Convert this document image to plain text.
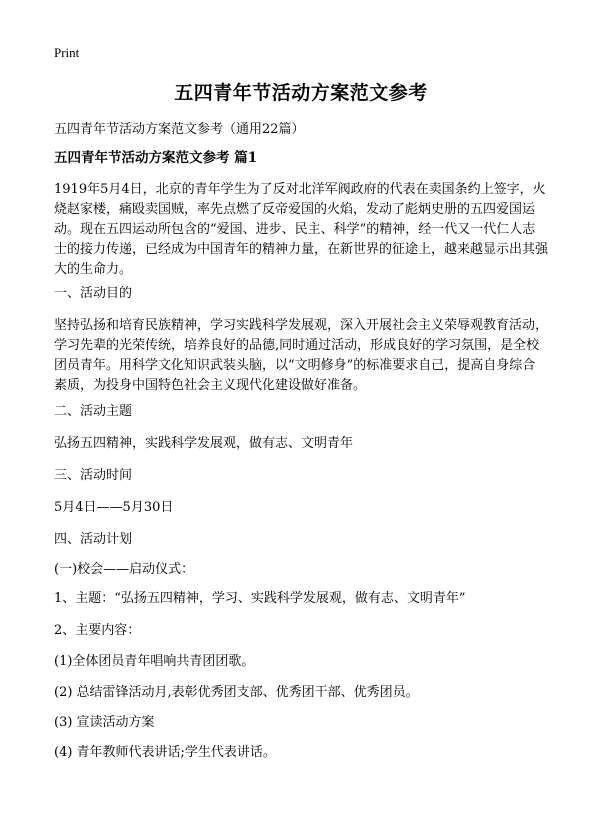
Print
五四青年节活动方案范文参考
五四青年节活动方案范文参考（通用22篇）
五四青年节活动方案范文参考 篇1
1919年5月4日，北京的青年学生为了反对北洋军阀政府的代表在卖国条约上签字，火烧赵家楼，痛殴卖国贼，率先点燃了反帝爱国的火焰，发动了彪炳史册的五四爱国运动。现在五四运动所包含的“爱国、进步、民主、科学”的精神，经一代又一代仁人志士的接力传递，已经成为中国青年的精神力量，在新世界的征途上，越来越显示出其强大的生命力。
一、活动目的
坚持弘扬和培育民族精神，学习实践科学发展观，深入开展社会主义荣辱观教育活动，学习先辈的光荣传统，培养良好的品德,同时通过活动，形成良好的学习氛围，是全校团员青年。用科学文化知识武装头脑，以“文明修身”的标准要求自己，提高自身综合素质，为投身中国特色社会主义现代化建设做好准备。
二、活动主题
弘扬五四精神，实践科学发展观，做有志、文明青年
三、活动时间
5月4日——5月30日
四、活动计划
(一)校会——启动仪式：
1、主题：“弘扬五四精神，学习、实践科学发展观，做有志、文明青年”
2、主要内容：
(1)全体团员青年唱响共青团团歌。
(2) 总结雷锋活动月,表彰优秀团支部、优秀团干部、优秀团员。
(3) 宣读活动方案
(4) 青年教师代表讲话;学生代表讲话。
